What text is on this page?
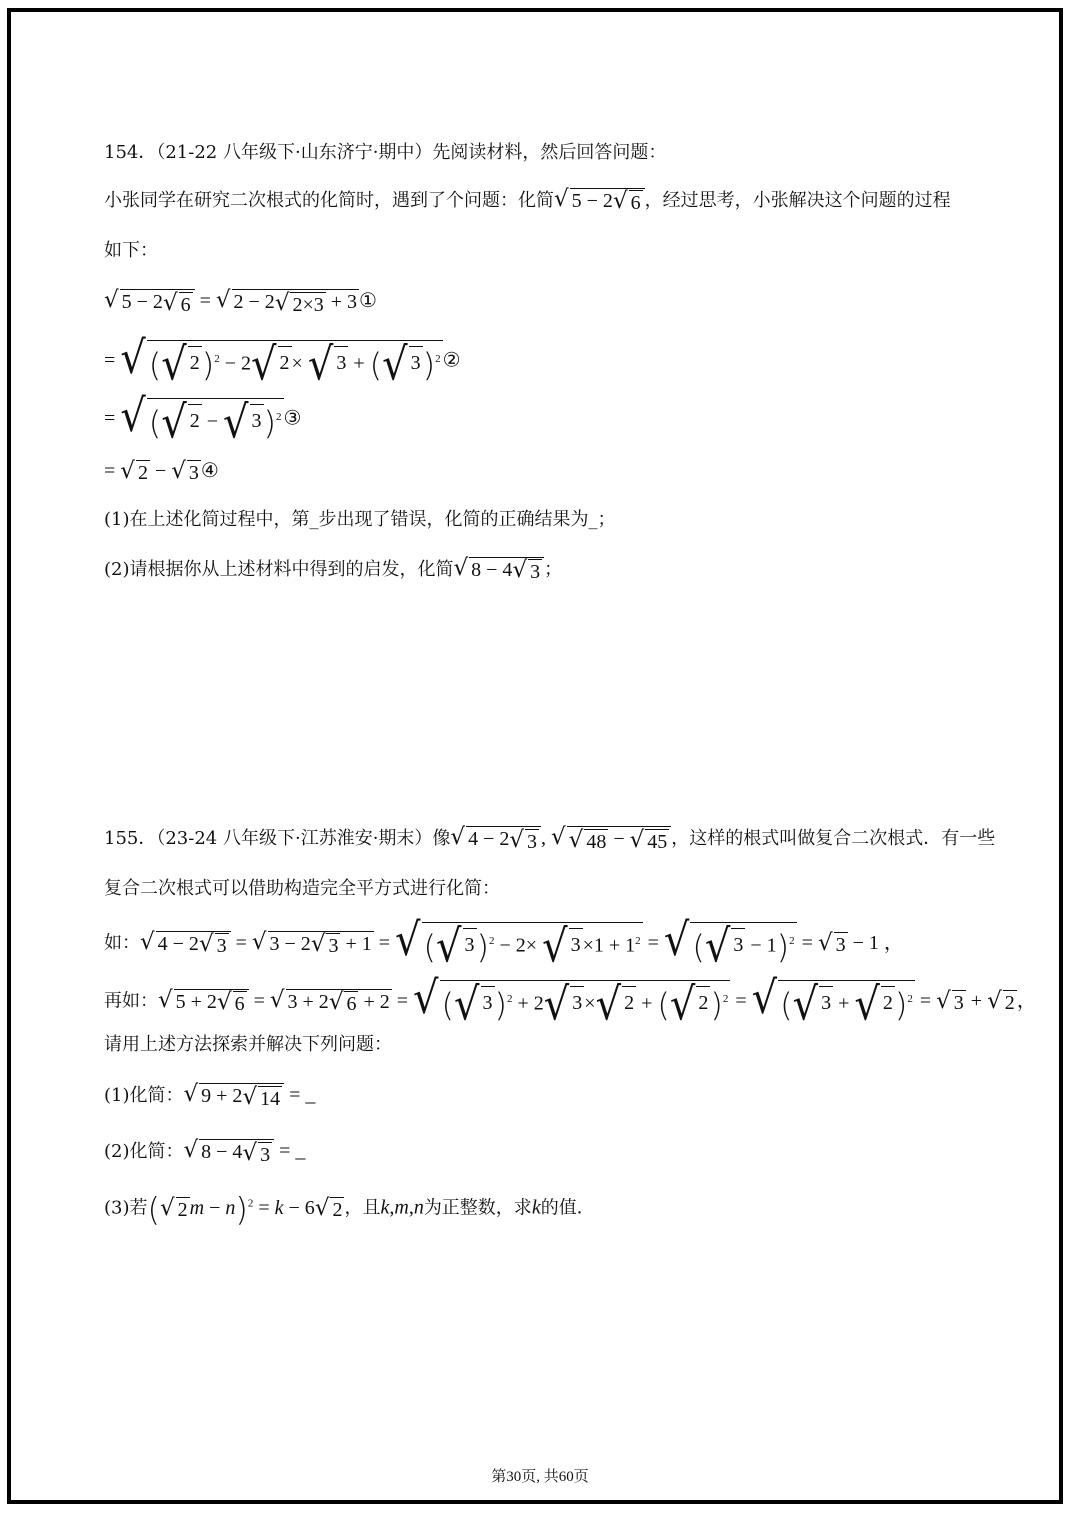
154．（21-22 八年级下·山东济宁·期中）先阅读材料，然后回答问题：
小张同学在研究二次根式的化简时，遇到了个问题：化简 √ 5 − 2 √ 6 ，经过思考，小张解决这个问题的过程
如下：
√ 5 − 2 √ 6 = √ 2 − 2 √ 2×3 + 3 ①
= √ ( √ 2 )$^2$ − 2 √ 2 × √ 3 + ( √ 3 )$^2$ ②
= √ ( √ 2 − √ 3 )$^2$ ③
= √ 2 − √ 3 ④
(1)在上述化简过程中，第_步出现了错误，化简的正确结果为_；
(2)请根据你从上述材料中得到的启发，化简 √ 8 − 4 √ 3 ；
155．（23-24 八年级下·江苏淮安·期末）像 √ 4 − 2 √ 3 , √ √ 48 − √ 45 ，这样的根式叫做复合二次根式．有一些
复合二次根式可以借助构造完全平方式进行化简：
如： √ 4 − 2 √ 3 = √ 3 − 2 √ 3 + 1 = √ ( √ 3 )$^2$ − 2× √ $3 \times 1 + 1^2$ = √ ( √ 3 − 1)$^2$ = √ 3 − 1 ，
再如： √ 5 + 2 √ 6 = √ 3 + 2 √ 6 + 2 = √ ( √ 3 )$^2$ + 2 √ 3 × √ 2 + ( √ 2 )$^2$ = √ ( √ 3 + √ 2 )$^2$ = √ 3 + √ 2 ，
请用上述方法探索并解决下列问题：
(1)化简： √ 9 + 2 √ 14 = _
(2)化简： √ 8 − 4 √ 3 = _
(3)若( √ 2 m − n)$^2$ = k − 6 √ 2 ，且k,m,n为正整数，求k的值．
第30页, 共60页
